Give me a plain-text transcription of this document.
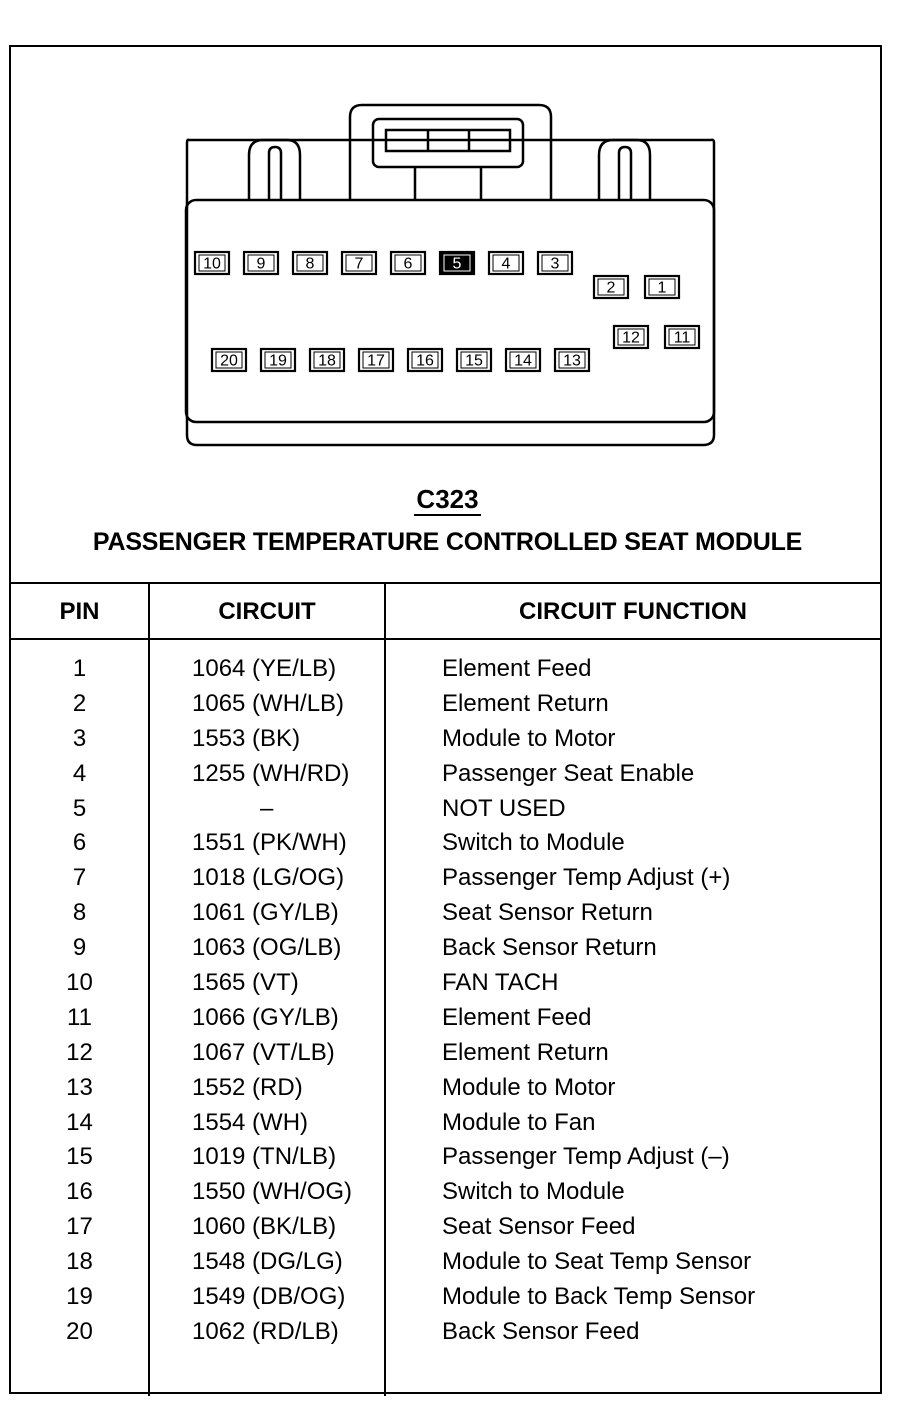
10 9	8	7	6	5	4	3
2	1
20 19 18 17 16 15 14 13
12 11
C323
PASSENGER TEMPERATURE CONTROLLED SEAT MODULE
PIN	CIRCUIT	CIRCUIT FUNCTION
1	1064 (YE/LB)	Element Feed
2	1065 (WH/LB)	Element Return
3	1553 (BK)	Module to Motor
4	1255 (WH/RD)	Passenger Seat Enable
5	–	NOT USED
6	1551 (PK/WH)	Switch to Module
7	1018 (LG/OG)	Passenger Temp Adjust (+)
8	1061 (GY/LB)	Seat Sensor Return
9	1063 (OG/LB)	Back Sensor Return
10	1565 (VT)	FAN TACH
11	1066 (GY/LB)	Element Feed
12	1067 (VT/LB)	Element Return
13	1552 (RD)	Module to Motor
14	1554 (WH)	Module to Fan
15	1019 (TN/LB)	Passenger Temp Adjust (–)
16	1550 (WH/OG)	Switch to Module
17	1060 (BK/LB)	Seat Sensor Feed
18	1548 (DG/LG)	Module to Seat Temp Sensor
19	1549 (DB/OG)	Module to Back Temp Sensor
20	1062 (RD/LB)	Back Sensor Feed
